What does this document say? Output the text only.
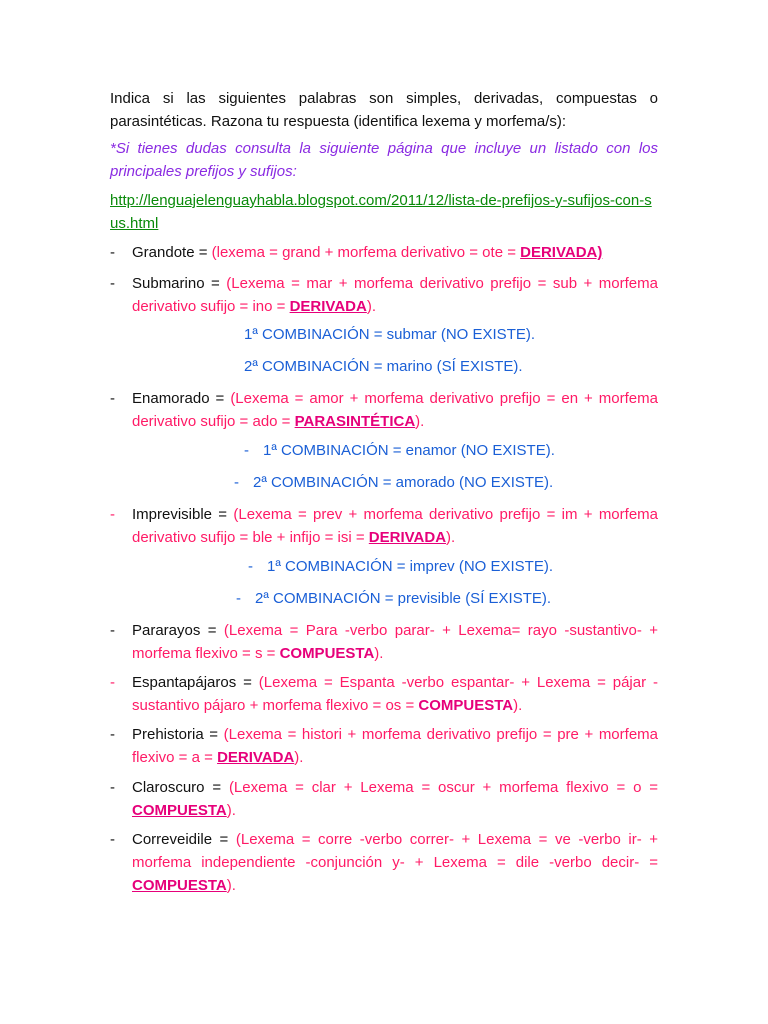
Indica si las siguientes palabras son simples, derivadas, compuestas o parasintéticas. Razona tu respuesta (identifica lexema y morfema/s):
*Si tienes dudas consulta la siguiente página que incluye un listado con los principales prefijos y sufijos:
http://lenguajelenguayhabla.blogspot.com/2011/12/lista-de-prefijos-y-sufijos-con-sus.html
- Grandote = (lexema = grand + morfema derivativo = ote = DERIVADA)
- Submarino = (Lexema = mar + morfema derivativo prefijo = sub + morfema derivativo sufijo = ino = DERIVADA).
1ª COMBINACIÓN = submar (NO EXISTE).
2ª COMBINACIÓN = marino (SÍ EXISTE).
- Enamorado = (Lexema = amor + morfema derivativo prefijo = en + morfema derivativo sufijo = ado = PARASINTÉTICA).
- 1ª COMBINACIÓN = enamor (NO EXISTE).
- 2ª COMBINACIÓN = amorado (NO EXISTE).
- Imprevisible = (Lexema = prev + morfema derivativo prefijo = im + morfema derivativo sufijo = ble + infijo = isi = DERIVADA).
- 1ª COMBINACIÓN = imprev (NO EXISTE).
- 2ª COMBINACIÓN = previsible (SÍ EXISTE).
- Pararayos = (Lexema = Para -verbo parar- + Lexema= rayo -sustantivo- + morfema flexivo = s = COMPUESTA).
- Espantapájaros = (Lexema = Espanta -verbo espantar- + Lexema = pájar - sustantivo pájaro + morfema flexivo = os = COMPUESTA).
- Prehistoria = (Lexema = histori + morfema derivativo prefijo = pre + morfema flexivo = a = DERIVADA).
- Claroscuro = (Lexema = clar + Lexema = oscur + morfema flexivo = o = COMPUESTA).
- Correveidile = (Lexema = corre -verbo correr- + Lexema = ve -verbo ir- + morfema independiente -conjunción y- + Lexema = dile -verbo decir- = COMPUESTA).
